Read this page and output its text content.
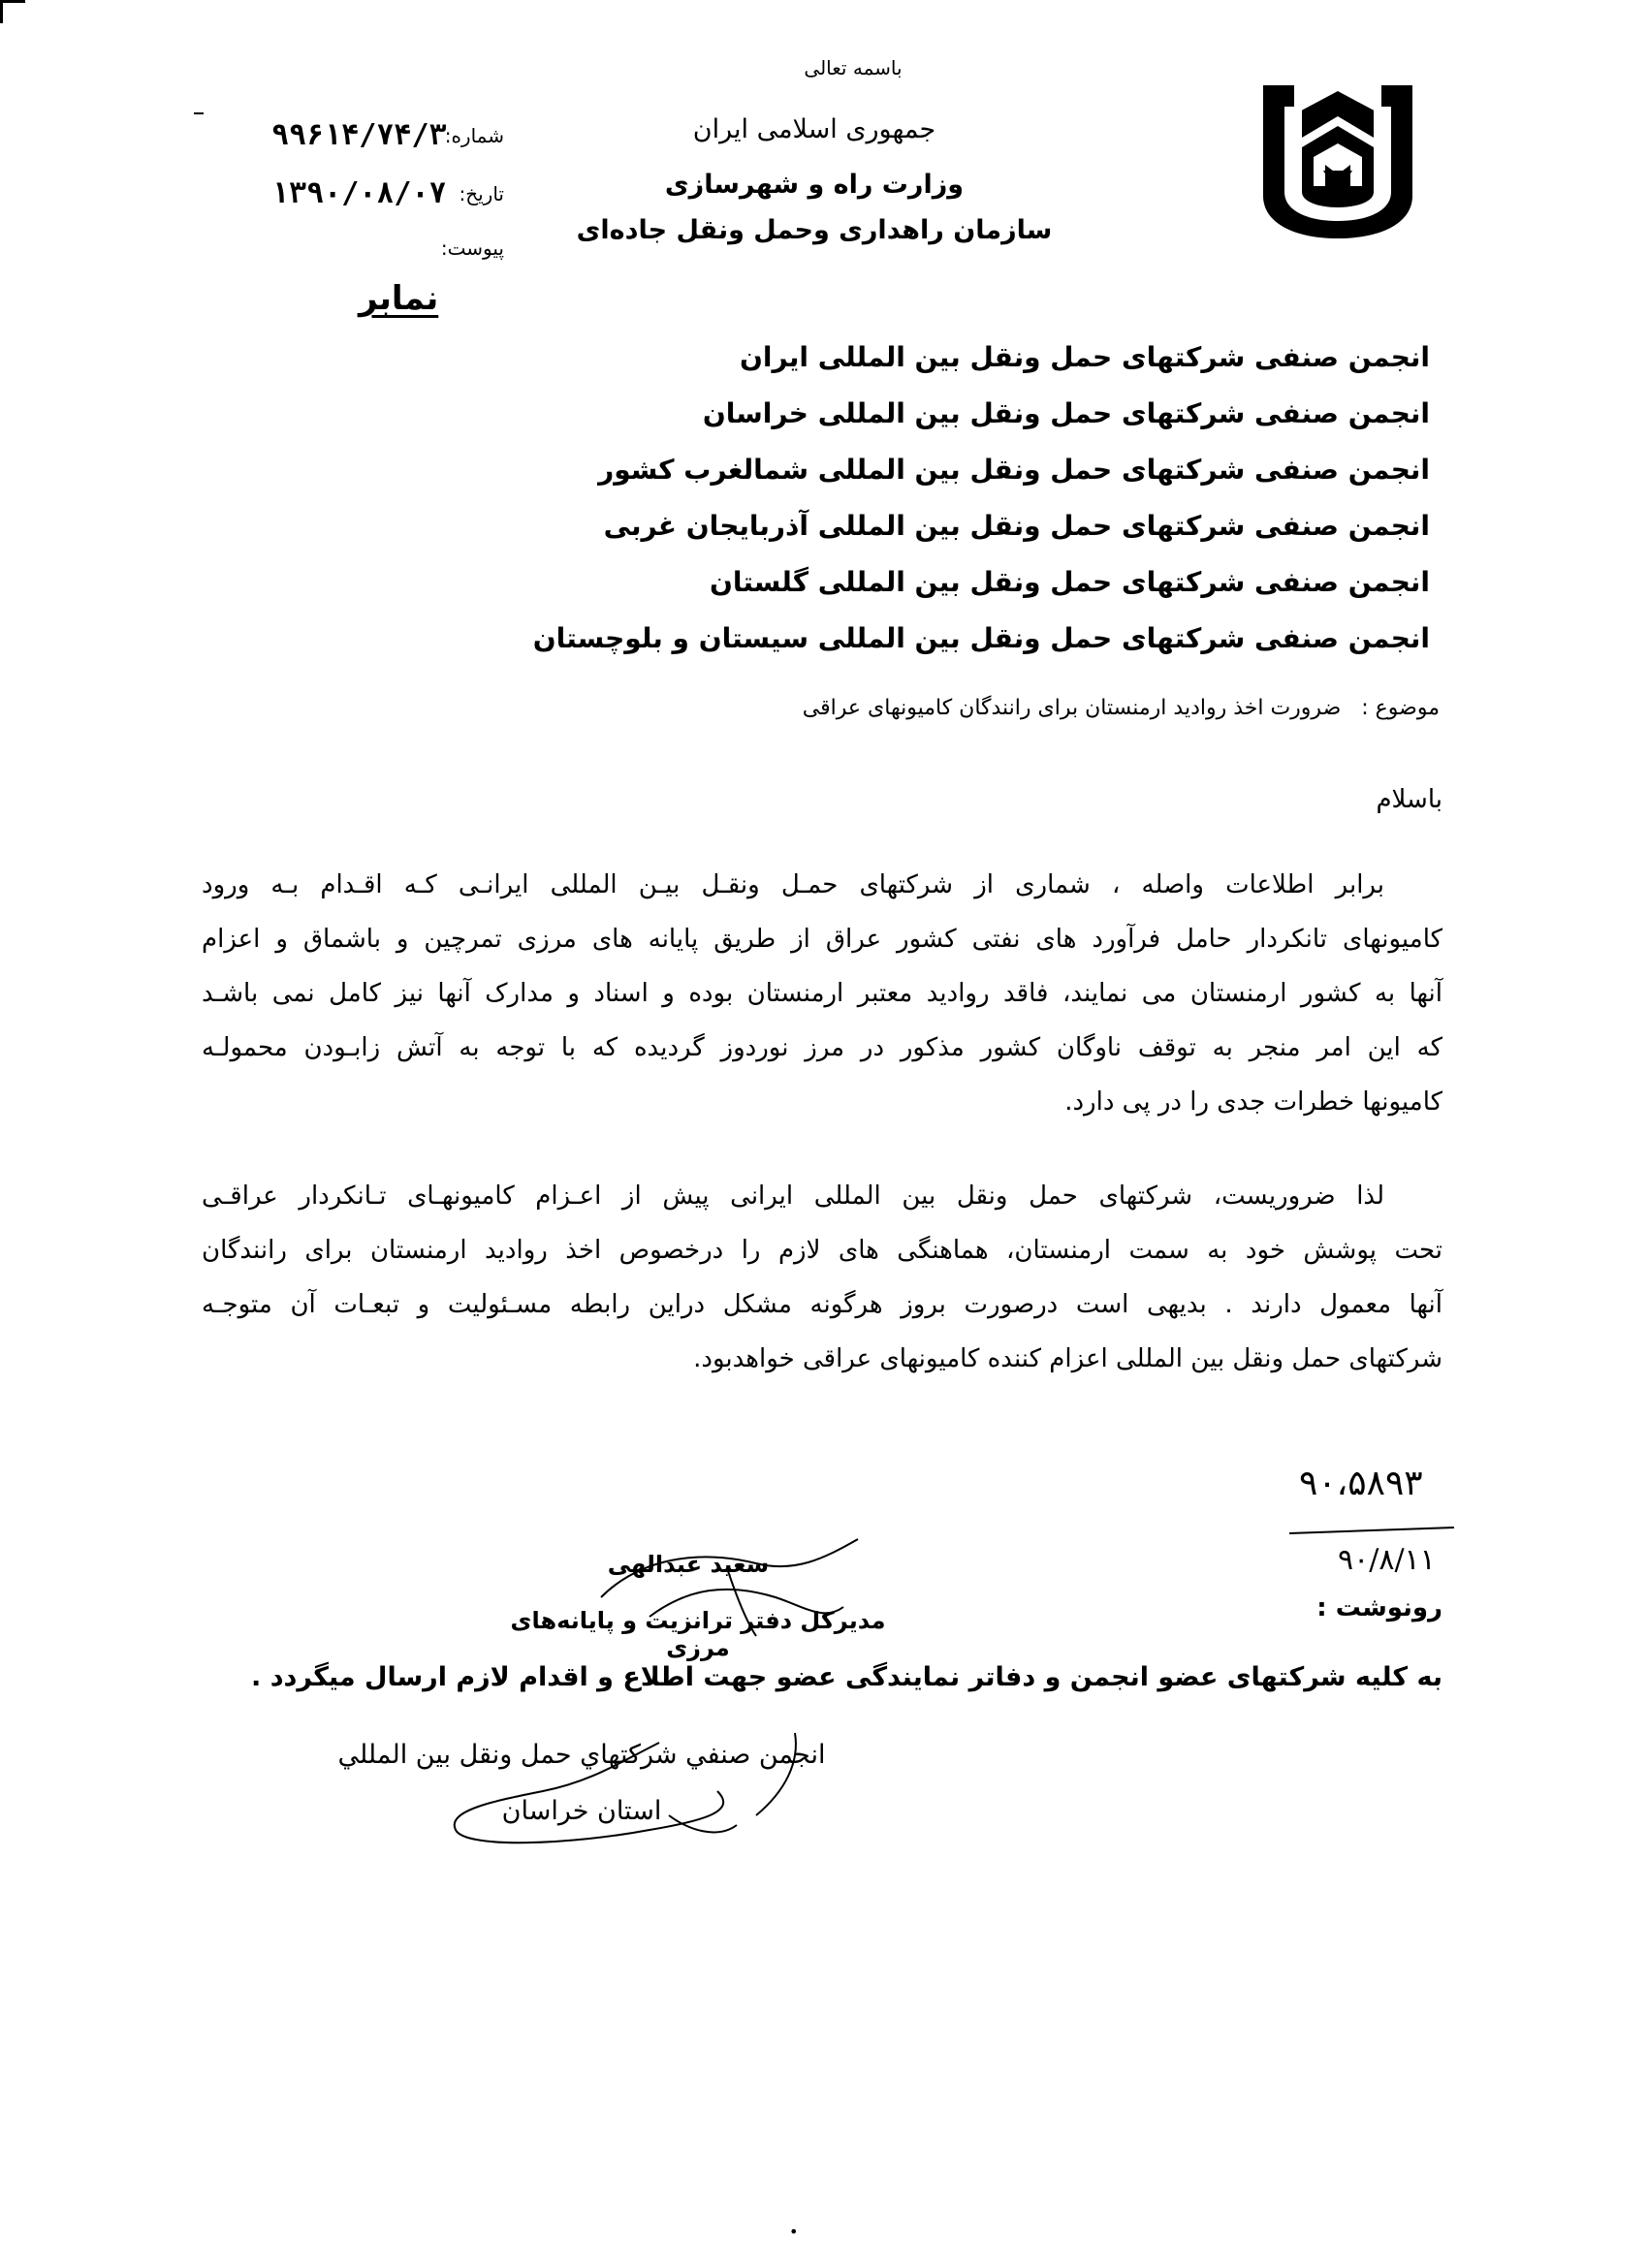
باسمه تعالی
جمهوری اسلامی ایران
وزارت راه و شهرسازی
سازمان راهداری وحمل ونقل جاده‌ای
شماره:
۹۹۶۱۴/۷۴/۳
تاریخ:
۱۳۹۰/۰۸/۰۷
پیوست:
نمابر
انجمن صنفی شرکتهای حمل ونقل بین المللی ایران
انجمن صنفی شرکتهای حمل ونقل بین المللی خراسان
انجمن صنفی شرکتهای حمل ونقل بین المللی شمالغرب کشور
انجمن صنفی شرکتهای حمل ونقل بین المللی آذربایجان غربی
انجمن صنفی شرکتهای حمل ونقل بین المللی گلستان
انجمن صنفی شرکتهای حمل ونقل بین المللی سیستان و بلوچستان
موضوع : ضرورت اخذ روادید ارمنستان برای رانندگان کامیونهای عراقی
باسلام
برابر اطلاعات واصله ، شماری از شرکتهای حمـل ونقـل بیـن المللی ایرانـی کـه اقـدام بـه ورود
کامیونهای تانکردار حامل فرآورد های نفتی کشور عراق از طریق پایانه های مرزی تمرچین و باشماق و اعزام
آنها به کشور ارمنستان می نمایند، فاقد روادید معتبر ارمنستان بوده و اسناد و مدارک آنها نیز کامل نمی باشـد
که این امر منجر به توقف ناوگان کشور مذکور در مرز نوردوز گردیده که با توجه به آتش زابـودن محمولـه
کامیونها خطرات جدی را در پی دارد.
لذا ضروریست، شرکتهای حمل ونقل بین المللی ایرانی پیش از اعـزام کامیونهـای تـانکردار عراقـی
تحت پوشش خود به سمت ارمنستان، هماهنگی های لازم را درخصوص اخذ روادید ارمنستان برای رانندگان
آنها معمول دارند . بدیهی است درصورت بروز هرگونه مشکل دراین رابطه مسـئولیت و تبعـات آن متوجـه
شرکتهای حمل ونقل بین المللی اعزام کننده کامیونهای عراقی خواهدبود.
۹۰،۵۸۹۳
۹۰/۸/۱۱
سعید عبدالهی
مدیرکل دفتر ترانزیت و پایانه‌های مرزی
رونوشت :
به کلیه شرکتهای عضو انجمن و دفاتر نمایندگی عضو جهت اطلاع و اقدام لازم ارسال میگردد .
انجمن صنفي شركتهاي حمل ونقل بين المللي
استان خراسان
•
